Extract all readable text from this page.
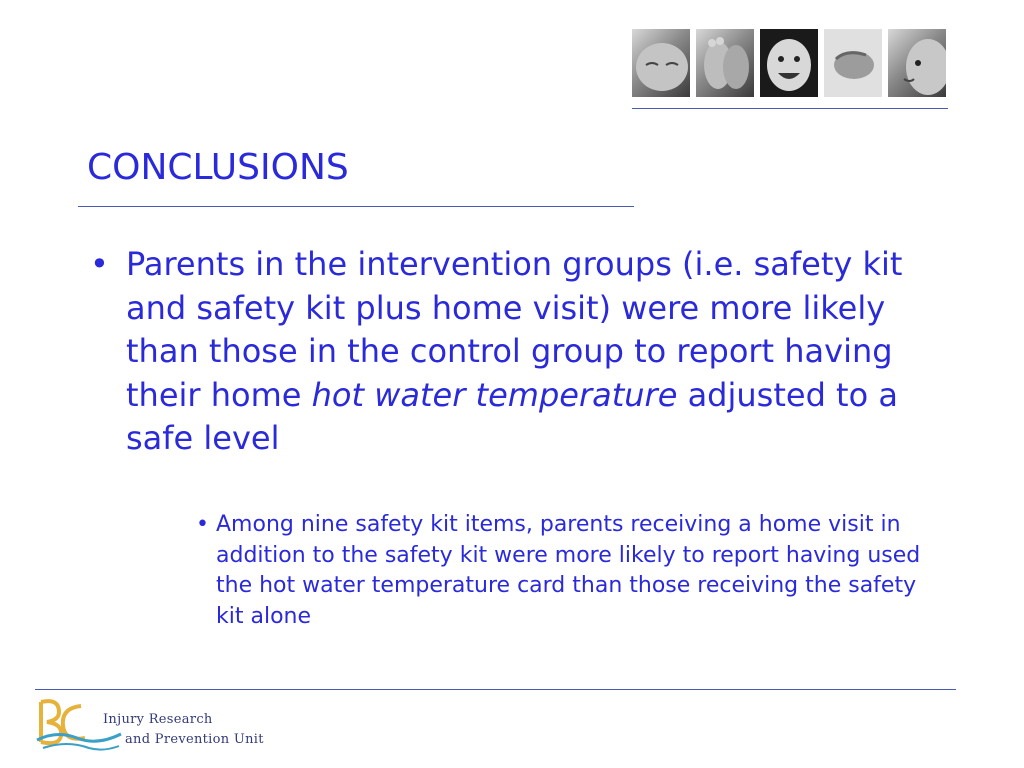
CONCLUSIONS
• Parents in the intervention groups (i.e. safety kit and safety kit plus home visit) were more likely than those in the control group to report having their home hot water temperature adjusted to a safe level
• Among nine safety kit items, parents receiving a home visit in addition to the safety kit were more likely to report having used the hot water temperature card than those receiving the safety kit alone
Injury Research
and Prevention Unit
